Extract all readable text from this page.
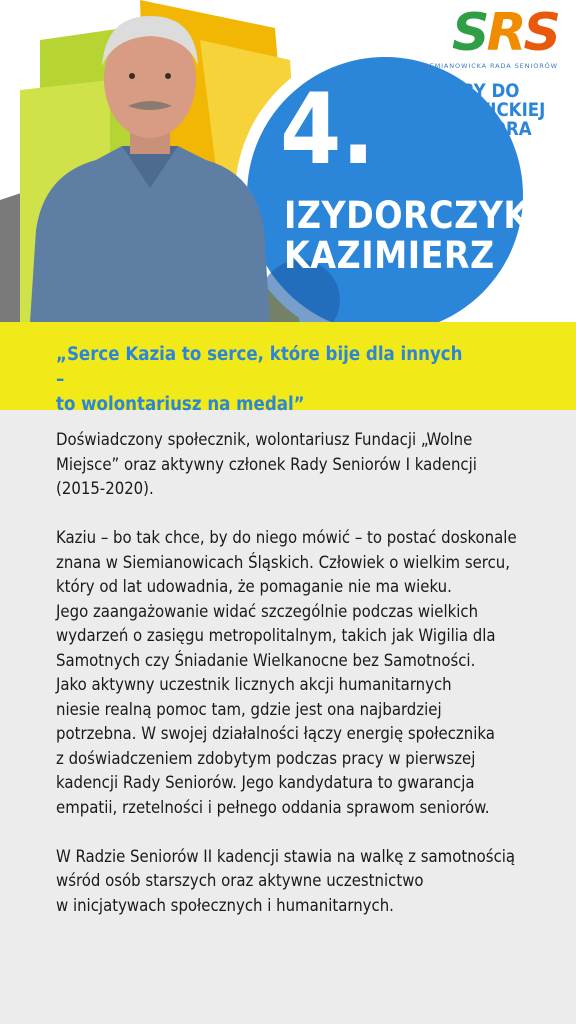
SRS
SIEMIANOWICKA RADA SENIORÓW
WYBORY DO
SIEMIANOWICKIEJ
RADY SENIORA
4.
IZYDORCZYK
KAZIMIERZ
„Serce Kazia to serce, które bije dla innych –
to wolontariusz na medal”

Doświadczony społecznik, wolontariusz Fundacji „Wolne
Miejsce” oraz aktywny członek Rady Seniorów I kadencji
(2015-2020).

Kaziu – bo tak chce, by do niego mówić – to postać doskonale
znana w Siemianowicach Śląskich. Człowiek o wielkim sercu,
który od lat udowadnia, że pomaganie nie ma wieku.
Jego zaangażowanie widać szczególnie podczas wielkich
wydarzeń o zasięgu metropolitalnym, takich jak Wigilia dla
Samotnych czy Śniadanie Wielkanocne bez Samotności.
Jako aktywny uczestnik licznych akcji humanitarnych
niesie realną pomoc tam, gdzie jest ona najbardziej
potrzebna. W swojej działalności łączy energię społecznika
z doświadczeniem zdobytym podczas pracy w pierwszej
kadencji Rady Seniorów. Jego kandydatura to gwarancja
empatii, rzetelności i pełnego oddania sprawom seniorów.

W Radzie Seniorów II kadencji stawia na walkę z samotnością
wśród osób starszych oraz aktywne uczestnictwo
w inicjatywach społecznych i humanitarnych.
